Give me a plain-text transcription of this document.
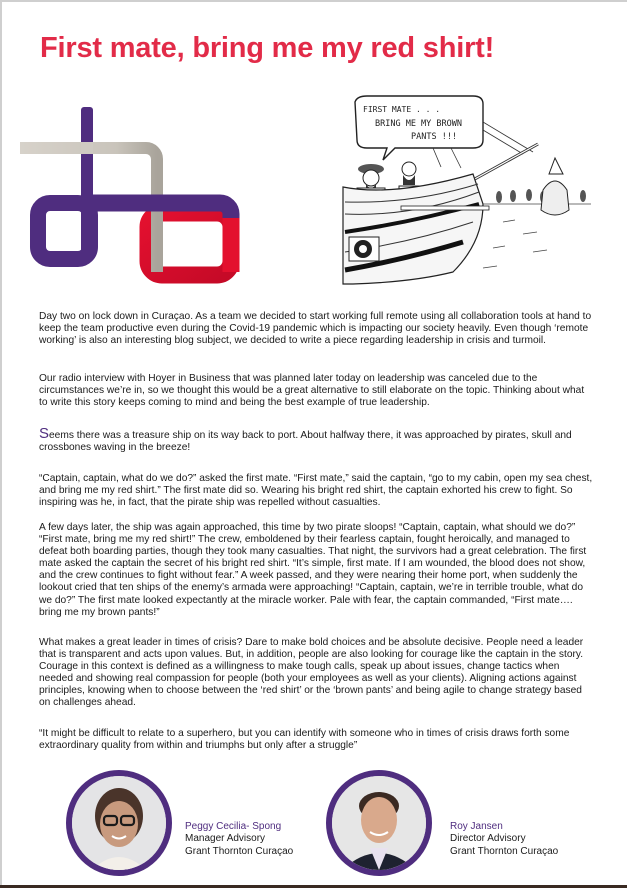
First mate, bring me my red shirt!
FIRST MATE . . .
BRING ME MY BROWN
PANTS !!!

Day two on lock down in Curaçao. As a team we decided to start working full remote using all collaboration tools at hand to keep the team productive even during the Covid-19 pandemic which is impacting our society heavily. Even though ‘remote working’ is also an interesting blog subject, we decided to write a piece regarding leadership in crisis and turmoil.

Our radio interview with Hoyer in Business that was planned later today on leadership was canceled due to the circumstances we’re in, so we thought this would be a great alternative to still elaborate on the topic. Thinking about what to write this story keeps coming to mind and being the best example of true leadership.

Seems there was a treasure ship on its way back to port. About halfway there, it was approached by pirates, skull and crossbones waving in the breeze!

“Captain, captain, what do we do?” asked the first mate. “First mate,” said the captain, “go to my cabin, open my sea chest, and bring me my red shirt.” The first mate did so. Wearing his bright red shirt, the captain exhorted his crew to fight. So inspiring was he, in fact, that the pirate ship was repelled without casualties.

A few days later, the ship was again approached, this time by two pirate sloops! “Captain, captain, what should we do?” “First mate, bring me my red shirt!” The crew, emboldened by their fearless captain, fought heroically, and managed to defeat both boarding parties, though they took many casualties. That night, the survivors had a great celebration. The first mate asked the captain the secret of his bright red shirt. “It’s simple, first mate. If I am wounded, the blood does not show, and the crew continues to fight without fear.” A week passed, and they were nearing their home port, when suddenly the lookout cried that ten ships of the enemy’s armada were approaching! “Captain, captain, we’re in terrible trouble, what do we do?” The first mate looked expectantly at the miracle worker. Pale with fear, the captain commanded, “First mate…. bring me my brown pants!”

What makes a great leader in times of crisis? Dare to make bold choices and be absolute decisive. People need a leader that is transparent and acts upon values. But, in addition, people are also looking for courage like the captain in the story. Courage in this context is defined as a willingness to make tough calls, speak up about issues, change tactics when needed and showing real compassion for people (both your employees as well as your clients). Aligning actions against principles, knowing when to choose between the ‘red shirt’ or the ‘brown pants’ and being agile to change strategy based on challenges ahead.

“It might be difficult to relate to a superhero, but you can identify with someone who in times of crisis draws forth some extraordinary quality from within and triumphs but only after a struggle”

Peggy Cecilia- Spong
Manager Advisory
Grant Thornton Curaçao
Roy Jansen
Director Advisory
Grant Thornton Curaçao
